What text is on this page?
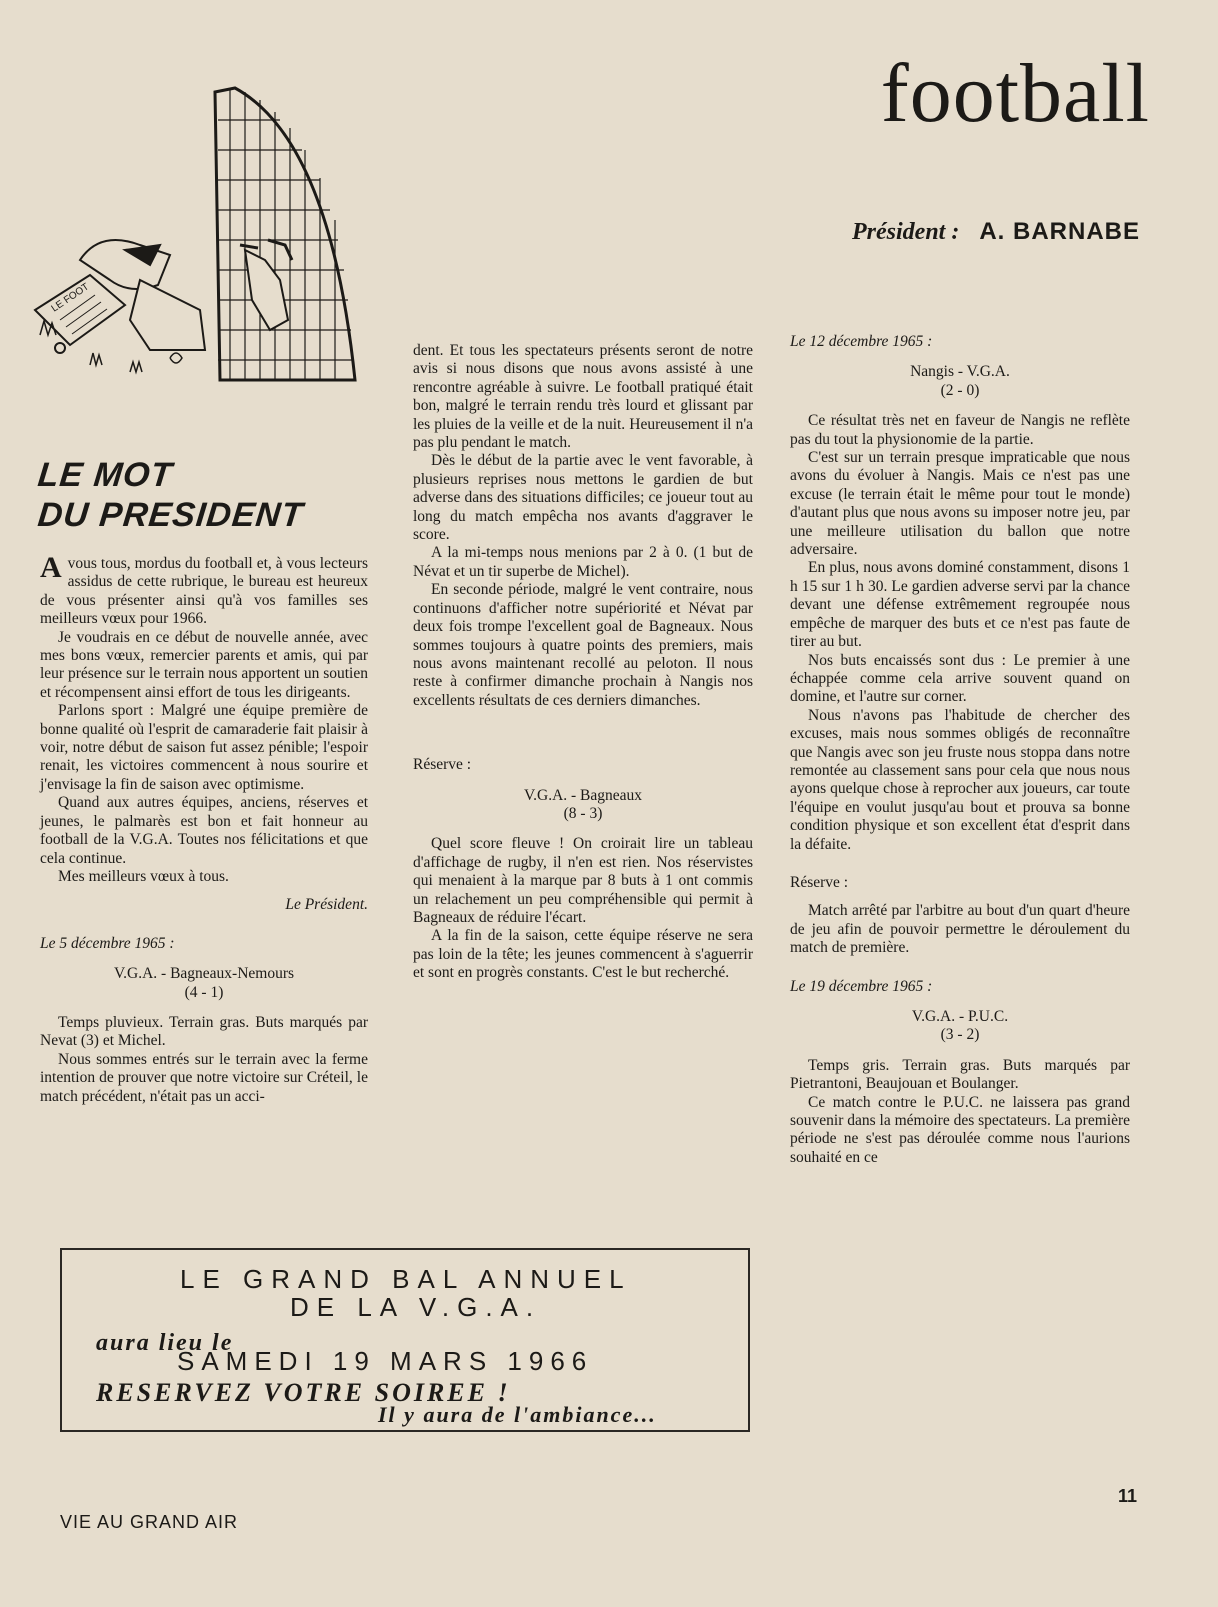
football
Président : A. BARNABE
LE FOOT
LE MOT
DU PRESIDENT

Avous tous, mordus du football et, à vous lecteurs assidus de cette rubrique, le bureau est heureux de vous présenter ainsi qu'à vos familles ses meilleurs vœux pour 1966.

Je voudrais en ce début de nouvelle année, avec mes bons vœux, remercier parents et amis, qui par leur présence sur le terrain nous apportent un soutien et récompensent ainsi effort de tous les dirigeants.

Parlons sport : Malgré une équipe première de bonne qualité où l'esprit de camaraderie fait plaisir à voir, notre début de saison fut assez pénible; l'espoir renait, les victoires commencent à nous sourire et j'envisage la fin de saison avec optimisme.

Quand aux autres équipes, anciens, réserves et jeunes, le palmarès est bon et fait honneur au football de la V.G.A. Toutes nos félicitations et que cela continue.

Mes meilleurs vœux à tous.

Le Président.

Le 5 décembre 1965 :

V.G.A. - Bagneaux-Nemours

(4 - 1)

Temps pluvieux. Terrain gras. Buts marqués par Nevat (3) et Michel.

Nous sommes entrés sur le terrain avec la ferme intention de prouver que notre victoire sur Créteil, le match précédent, n'était pas un acci-

dent. Et tous les spectateurs présents seront de notre avis si nous disons que nous avons assisté à une rencontre agréable à suivre. Le football pratiqué était bon, malgré le terrain rendu très lourd et glissant par les pluies de la veille et de la nuit. Heureusement il n'a pas plu pendant le match.

Dès le début de la partie avec le vent favorable, à plusieurs reprises nous mettons le gardien de but adverse dans des situations difficiles; ce joueur tout au long du match empêcha nos avants d'aggraver le score.

A la mi-temps nous menions par 2 à 0. (1 but de Névat et un tir superbe de Michel).

En seconde période, malgré le vent contraire, nous continuons d'afficher notre supériorité et Névat par deux fois trompe l'excellent goal de Bagneaux. Nous sommes toujours à quatre points des premiers, mais nous avons maintenant recollé au peloton. Il nous reste à confirmer dimanche prochain à Nangis nos excellents résultats de ces derniers dimanches.

Réserve :

V.G.A. - Bagneaux

(8 - 3)

Quel score fleuve ! On croirait lire un tableau d'affichage de rugby, il n'en est rien. Nos réservistes qui menaient à la marque par 8 buts à 1 ont commis un relachement un peu compréhensible qui permit à Bagneaux de réduire l'écart.

A la fin de la saison, cette équipe réserve ne sera pas loin de la tête; les jeunes commencent à s'aguerrir et sont en progrès constants. C'est le but recherché.

Le 12 décembre 1965 :

Nangis - V.G.A.

(2 - 0)

Ce résultat très net en faveur de Nangis ne reflète pas du tout la physionomie de la partie.

C'est sur un terrain presque impraticable que nous avons du évoluer à Nangis. Mais ce n'est pas une excuse (le terrain était le même pour tout le monde) d'autant plus que nous avons su imposer notre jeu, par une meilleure utilisation du ballon que notre adversaire.

En plus, nous avons dominé constamment, disons 1 h 15 sur 1 h 30. Le gardien adverse servi par la chance devant une défense extrêmement regroupée nous empêche de marquer des buts et ce n'est pas faute de tirer au but.

Nos buts encaissés sont dus : Le premier à une échappée comme cela arrive souvent quand on domine, et l'autre sur corner.

Nous n'avons pas l'habitude de chercher des excuses, mais nous sommes obligés de reconnaître que Nangis avec son jeu fruste nous stoppa dans notre remontée au classement sans pour cela que nous nous ayons quelque chose à reprocher aux joueurs, car toute l'équipe en voulut jusqu'au bout et prouva sa bonne condition physique et son excellent état d'esprit dans la défaite.

Réserve :

Match arrêté par l'arbitre au bout d'un quart d'heure de jeu afin de pouvoir permettre le déroulement du match de première.

Le 19 décembre 1965 :

V.G.A. - P.U.C.

(3 - 2)

Temps gris. Terrain gras. Buts marqués par Pietrantoni, Beaujouan et Boulanger.

Ce match contre le P.U.C. ne laissera pas grand souvenir dans la mémoire des spectateurs. La première période ne s'est pas déroulée comme nous l'aurions souhaité en ce

LE GRAND BAL ANNUEL
DE LA V.G.A.
aura lieu le
SAMEDI 19 MARS 1966
RESERVEZ VOTRE SOIREE !
Il y aura de l'ambiance...
VIE AU GRAND AIR
11
